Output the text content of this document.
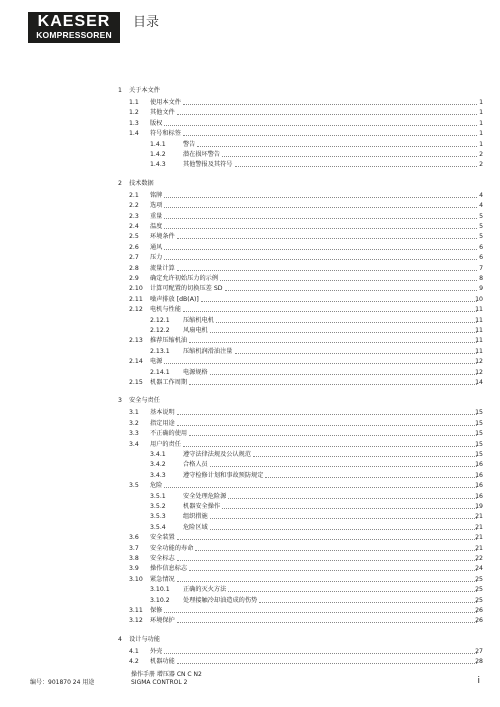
KAESER
KOMPRESSOREN
目录
1 关于本文件
1.1 使用本文件	1
1.2 其他文件	1
1.3 版权	1
1.4 符号和标签	1
1.4.1	警告	1
1.4.2	潜在损坏警告	2
1.4.3	其他警报及其符号	2
2 技术数据
2.1 铭牌	4
2.2 选项	4
2.3 重量	5
2.4 温度	5
2.5 环境条件	5
2.6 通风	6
2.7 压力	6
2.8 流量计算	7
2.9 确定允许初始压力的示例	8
2.10 计算可配置的切换压差 SD	9
2.11 噪声排放 [dB(A)]	10
2.12 电机与性能	11
2.12.1 压缩机电机	11
2.12.2 风扇电机	11
2.13 推荐压缩机油	11
2.13.1 压缩机润滑油注量	11
2.14 电源	12
2.14.1 电源规格	12
2.15 机器工作周期	14
3 安全与责任
3.1 基本说明	15
3.2 指定用途	15
3.3 不正确的使用	15
3.4 用户的责任	15
3.4.1	遵守法律法规及公认规范	15
3.4.2	合格人员	16
3.4.3	遵守检修计划和事故预防规定	16
3.5 危险	16
3.5.1	安全处理危险源	16
3.5.2	机器安全操作	19
3.5.3	组织措施	21
3.5.4	危险区域	21
3.6 安全装置	21
3.7 安全功能的寿命	21
3.8 安全标志	22
3.9 操作信息标志	24
3.10 紧急情况	25
3.10.1 正确的灭火方法	25
3.10.2 处理接触冷却油造成的伤势	25
3.11 保修	26
3.12 环境保护	26
4 设计与功能
4.1 外壳	27
4.2 机器功能	28
编号：901870 24 用途
操作手册 增压器 CN C N2
SIGMA CONTROL 2	i
